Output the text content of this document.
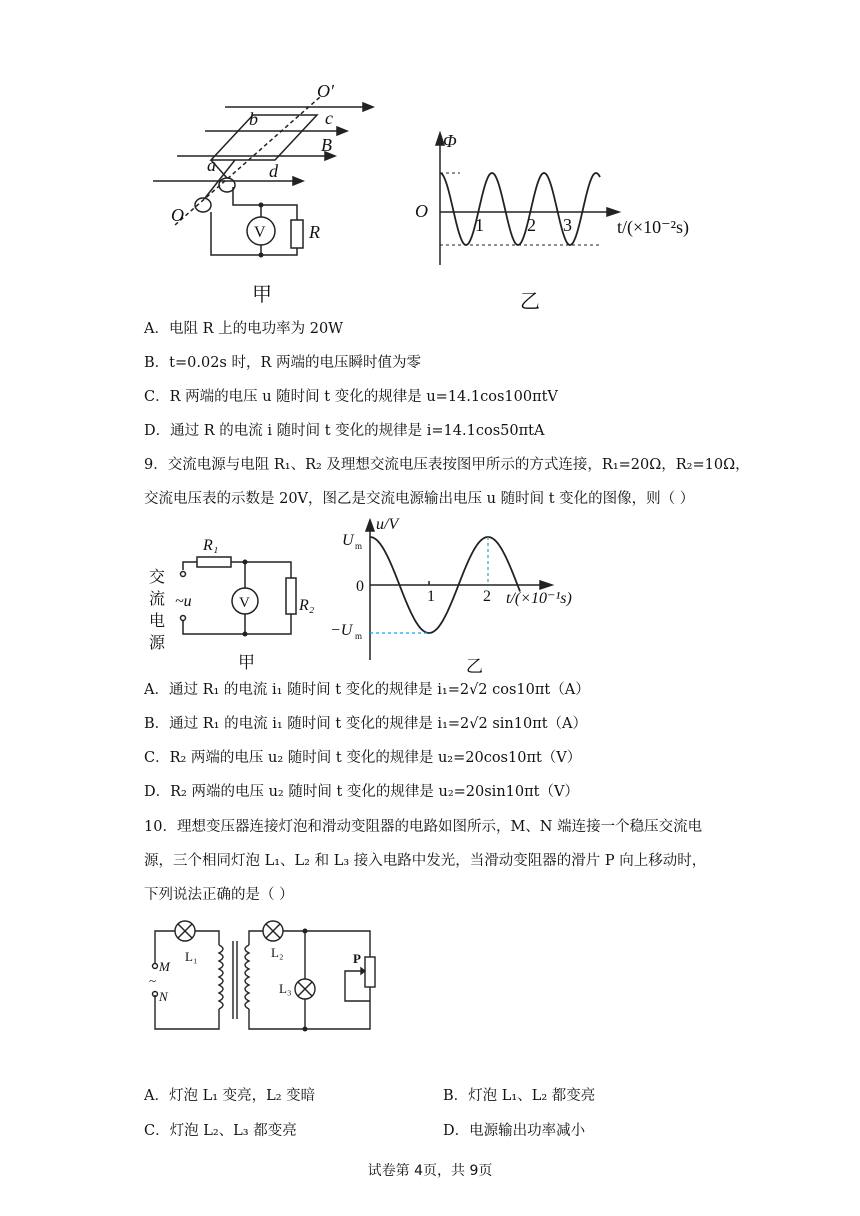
O′
b	c
B
a	d
O
R
V
甲
Φ
O
1 2 3	t/(×10⁻²s)
乙
A．电阻 R 上的电功率为 20W
B．t=0.02s 时，R 两端的电压瞬时值为零
C．R 两端的电压 u 随时间 t 变化的规律是 u=14.1cos100πtV
D．通过 R 的电流 i 随时间 t 变化的规律是 i=14.1cos50πtA
9．交流电源与电阻 R₁、R₂ 及理想交流电压表按图甲所示的方式连接，R₁=20Ω，R₂=10Ω，
交流电压表的示数是 20V，图乙是交流电源输出电压 u 随时间 t 变化的图像，则（ ）
交
流
电
源
~u
R₁
R₂
V
甲
u/V
U m
0
−U m
1	2 t/(×10⁻¹s)
乙
A．通过 R₁ 的电流 i₁ 随时间 t 变化的规律是 i₁=2√2 cos10πt（A）
B．通过 R₁ 的电流 i₁ 随时间 t 变化的规律是 i₁=2√2 sin10πt（A）
C．R₂ 两端的电压 u₂ 随时间 t 变化的规律是 u₂=20cos10πt（V）
D．R₂ 两端的电压 u₂ 随时间 t 变化的规律是 u₂=20sin10πt（V）
10．理想变压器连接灯泡和滑动变阻器的电路如图所示，M、N 端连接一个稳压交流电
源，三个相同灯泡 L₁、L₂ 和 L₃ 接入电路中发光，当滑动变阻器的滑片 P 向上移动时，
下列说法正确的是（ ）
L₁	L₂
L₃
M
~
N
P
A．灯泡 L₁ 变亮，L₂ 变暗	B．灯泡 L₁、L₂ 都变亮
C．灯泡 L₂、L₃ 都变亮	D．电源输出功率减小
试卷第 4页，共 9页
